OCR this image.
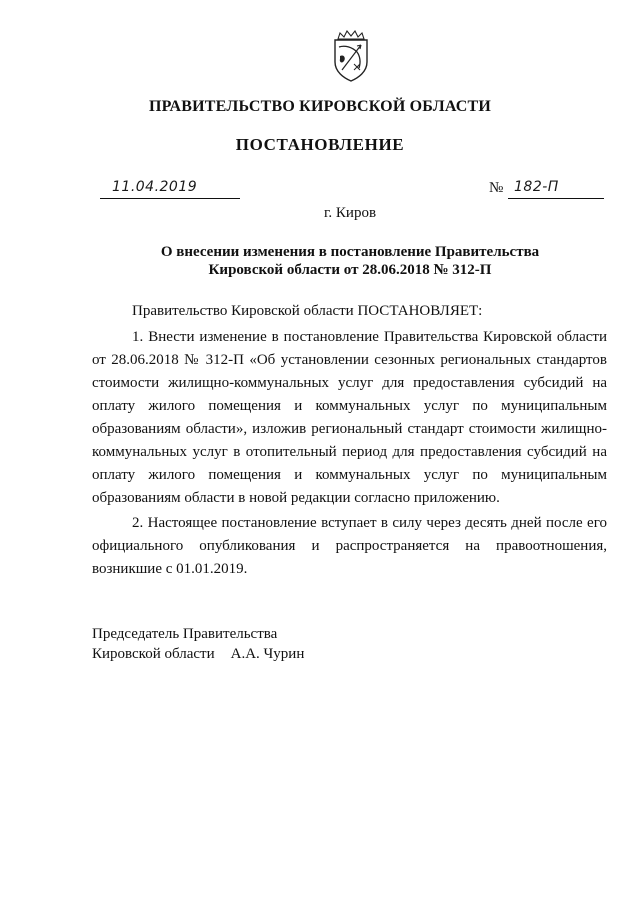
ПРАВИТЕЛЬСТВО КИРОВСКОЙ ОБЛАСТИ
ПОСТАНОВЛЕНИЕ
11.04.2019	№ 182-П
г. Киров
О внесении изменения в постановление Правительства
Кировской области от 28.06.2018 № 312-П
Правительство Кировской области ПОСТАНОВЛЯЕТ:
1. Внести изменение в постановление Правительства Кировской области от 28.06.2018 № 312-П «Об установлении сезонных региональных стандартов стоимости жилищно-коммунальных услуг для предоставления субсидий на оплату жилого помещения и коммунальных услуг по муниципальным образованиям области», изложив региональный стандарт стоимости жилищно-коммунальных услуг в отопительный период для предоставления субсидий на оплату жилого помещения и коммунальных услуг по муниципальным образованиям области в новой редакции согласно приложению.
2. Настоящее постановление вступает в силу через десять дней после его официального опубликования и распространяется на правоотношения, возникшие с 01.01.2019.
Председатель Правительства
Кировской области А.А. Чурин
